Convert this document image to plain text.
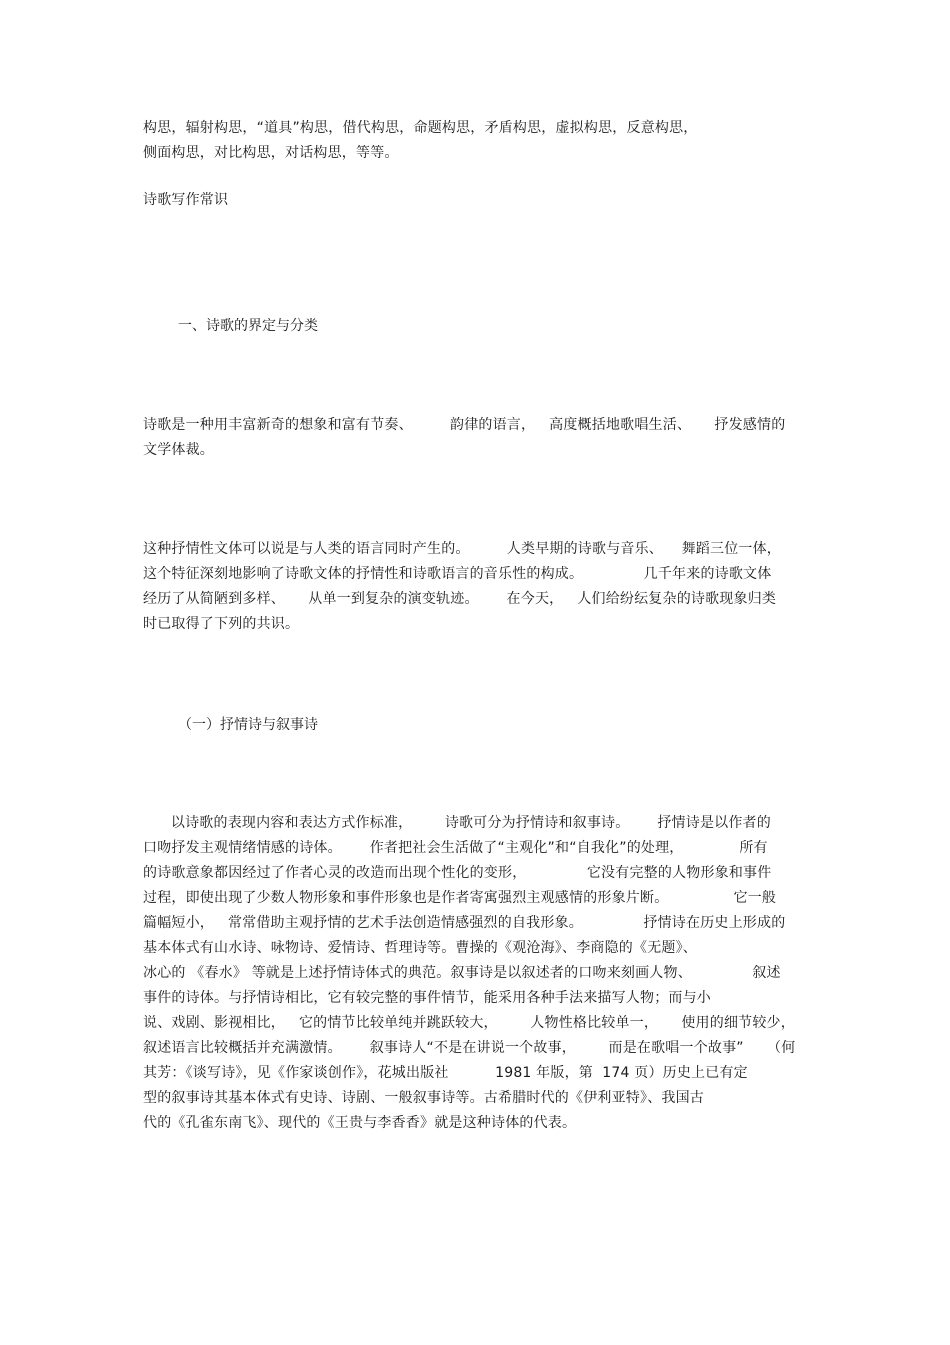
构思，辐射构思，“道具”构思，借代构思，命题构思，矛盾构思，虚拟构思，反意构思，
侧面构思，对比构思，对话构思，等等。
诗歌写作常识
一、诗歌的界定与分类
诗歌是一种用丰富新奇的想象和富有节奏、        韵律的语言，   高度概括地歌唱生活、     抒发感情的
文学体裁。
这种抒情性文体可以说是与人类的语言同时产生的。        人类早期的诗歌与音乐、    舞蹈三位一体，
这个特征深刻地影响了诗歌文体的抒情性和诗歌语言的音乐性的构成。             几千年来的诗歌文体
经历了从简陋到多样、     从单一到复杂的演变轨迹。      在今天，   人们给纷纭复杂的诗歌现象归类
时已取得了下列的共识。
（一）抒情诗与叙事诗
以诗歌的表现内容和表达方式作标准，       诗歌可分为抒情诗和叙事诗。      抒情诗是以作者的
口吻抒发主观情绪情感的诗体。      作者把社会生活做了“主观化”和“自我化”的处理，            所有
的诗歌意象都因经过了作者心灵的改造而出现个性化的变形，             它没有完整的人物形象和事件
过程，即使出现了少数人物形象和事件形象也是作者寄寓强烈主观感情的形象片断。              它一般
篇幅短小，   常常借助主观抒情的艺术手法创造情感强烈的自我形象。             抒情诗在历史上形成的
基本体式有山水诗、咏物诗、爱情诗、哲理诗等。曹操的《观沧海》、李商隐的《无题》、
冰心的 《春水》 等就是上述抒情诗体式的典范。叙事诗是以叙述者的口吻来刻画人物、             叙述
事件的诗体。与抒情诗相比，它有较完整的事件情节，能采用各种手法来描写人物；而与小
说、戏剧、影视相比，   它的情节比较单纯并跳跃较大，       人物性格比较单一，     使用的细节较少，
叙述语言比较概括并充满激情。      叙事诗人“不是在讲说一个故事，       而是在歌唱一个故事”     （何
其芳：《谈写诗》，见《作家谈创作》，花城出版社          1981 年版，第  174 页）历史上已有定
型的叙事诗其基本体式有史诗、诗剧、一般叙事诗等。古希腊时代的《伊利亚特》、我国古
代的《孔雀东南飞》、现代的《王贵与李香香》就是这种诗体的代表。
